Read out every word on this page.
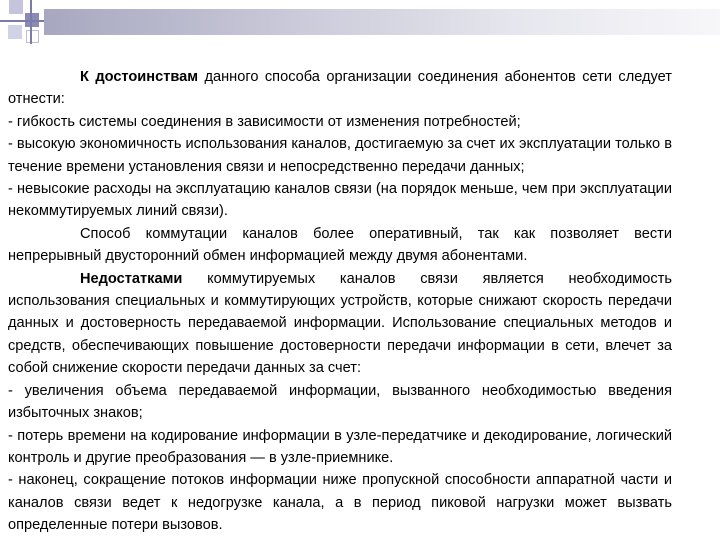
К достоинствам данного способа организации соединения абонентов сети следует отнести:

- гибкость системы соединения в зависимости от изменения потребностей;

- высокую экономичность использования каналов, достигаемую за счет их эксплуатации только в течение времени установления связи и непосредственно передачи данных;

- невысокие расходы на эксплуатацию каналов связи (на порядок меньше, чем при эксплуатации некоммутируемых линий связи).

Способ коммутации каналов более оперативный, так как позволяет вести непрерывный двусторонний обмен информацией между двумя абонентами.

Недостатками коммутируемых каналов связи является необходимость использования специальных и коммутирующих устройств, которые снижают скорость передачи данных и достоверность передаваемой информации. Использование специальных методов и средств, обеспечивающих повышение достоверности передачи информации в сети, влечет за собой снижение скорости передачи данных за счет:

- увеличения объема передаваемой информации, вызванного необходимостью введения избыточных знаков;

- потерь времени на кодирование информации в узле-передатчике и декодирование, логический контроль и другие преобразования — в узле-приемнике.

- наконец, сокращение потоков информации ниже пропускной способности аппаратной части и каналов связи ведет к недогрузке канала, а в период пиковой нагрузки может вызвать определенные потери вызовов.
